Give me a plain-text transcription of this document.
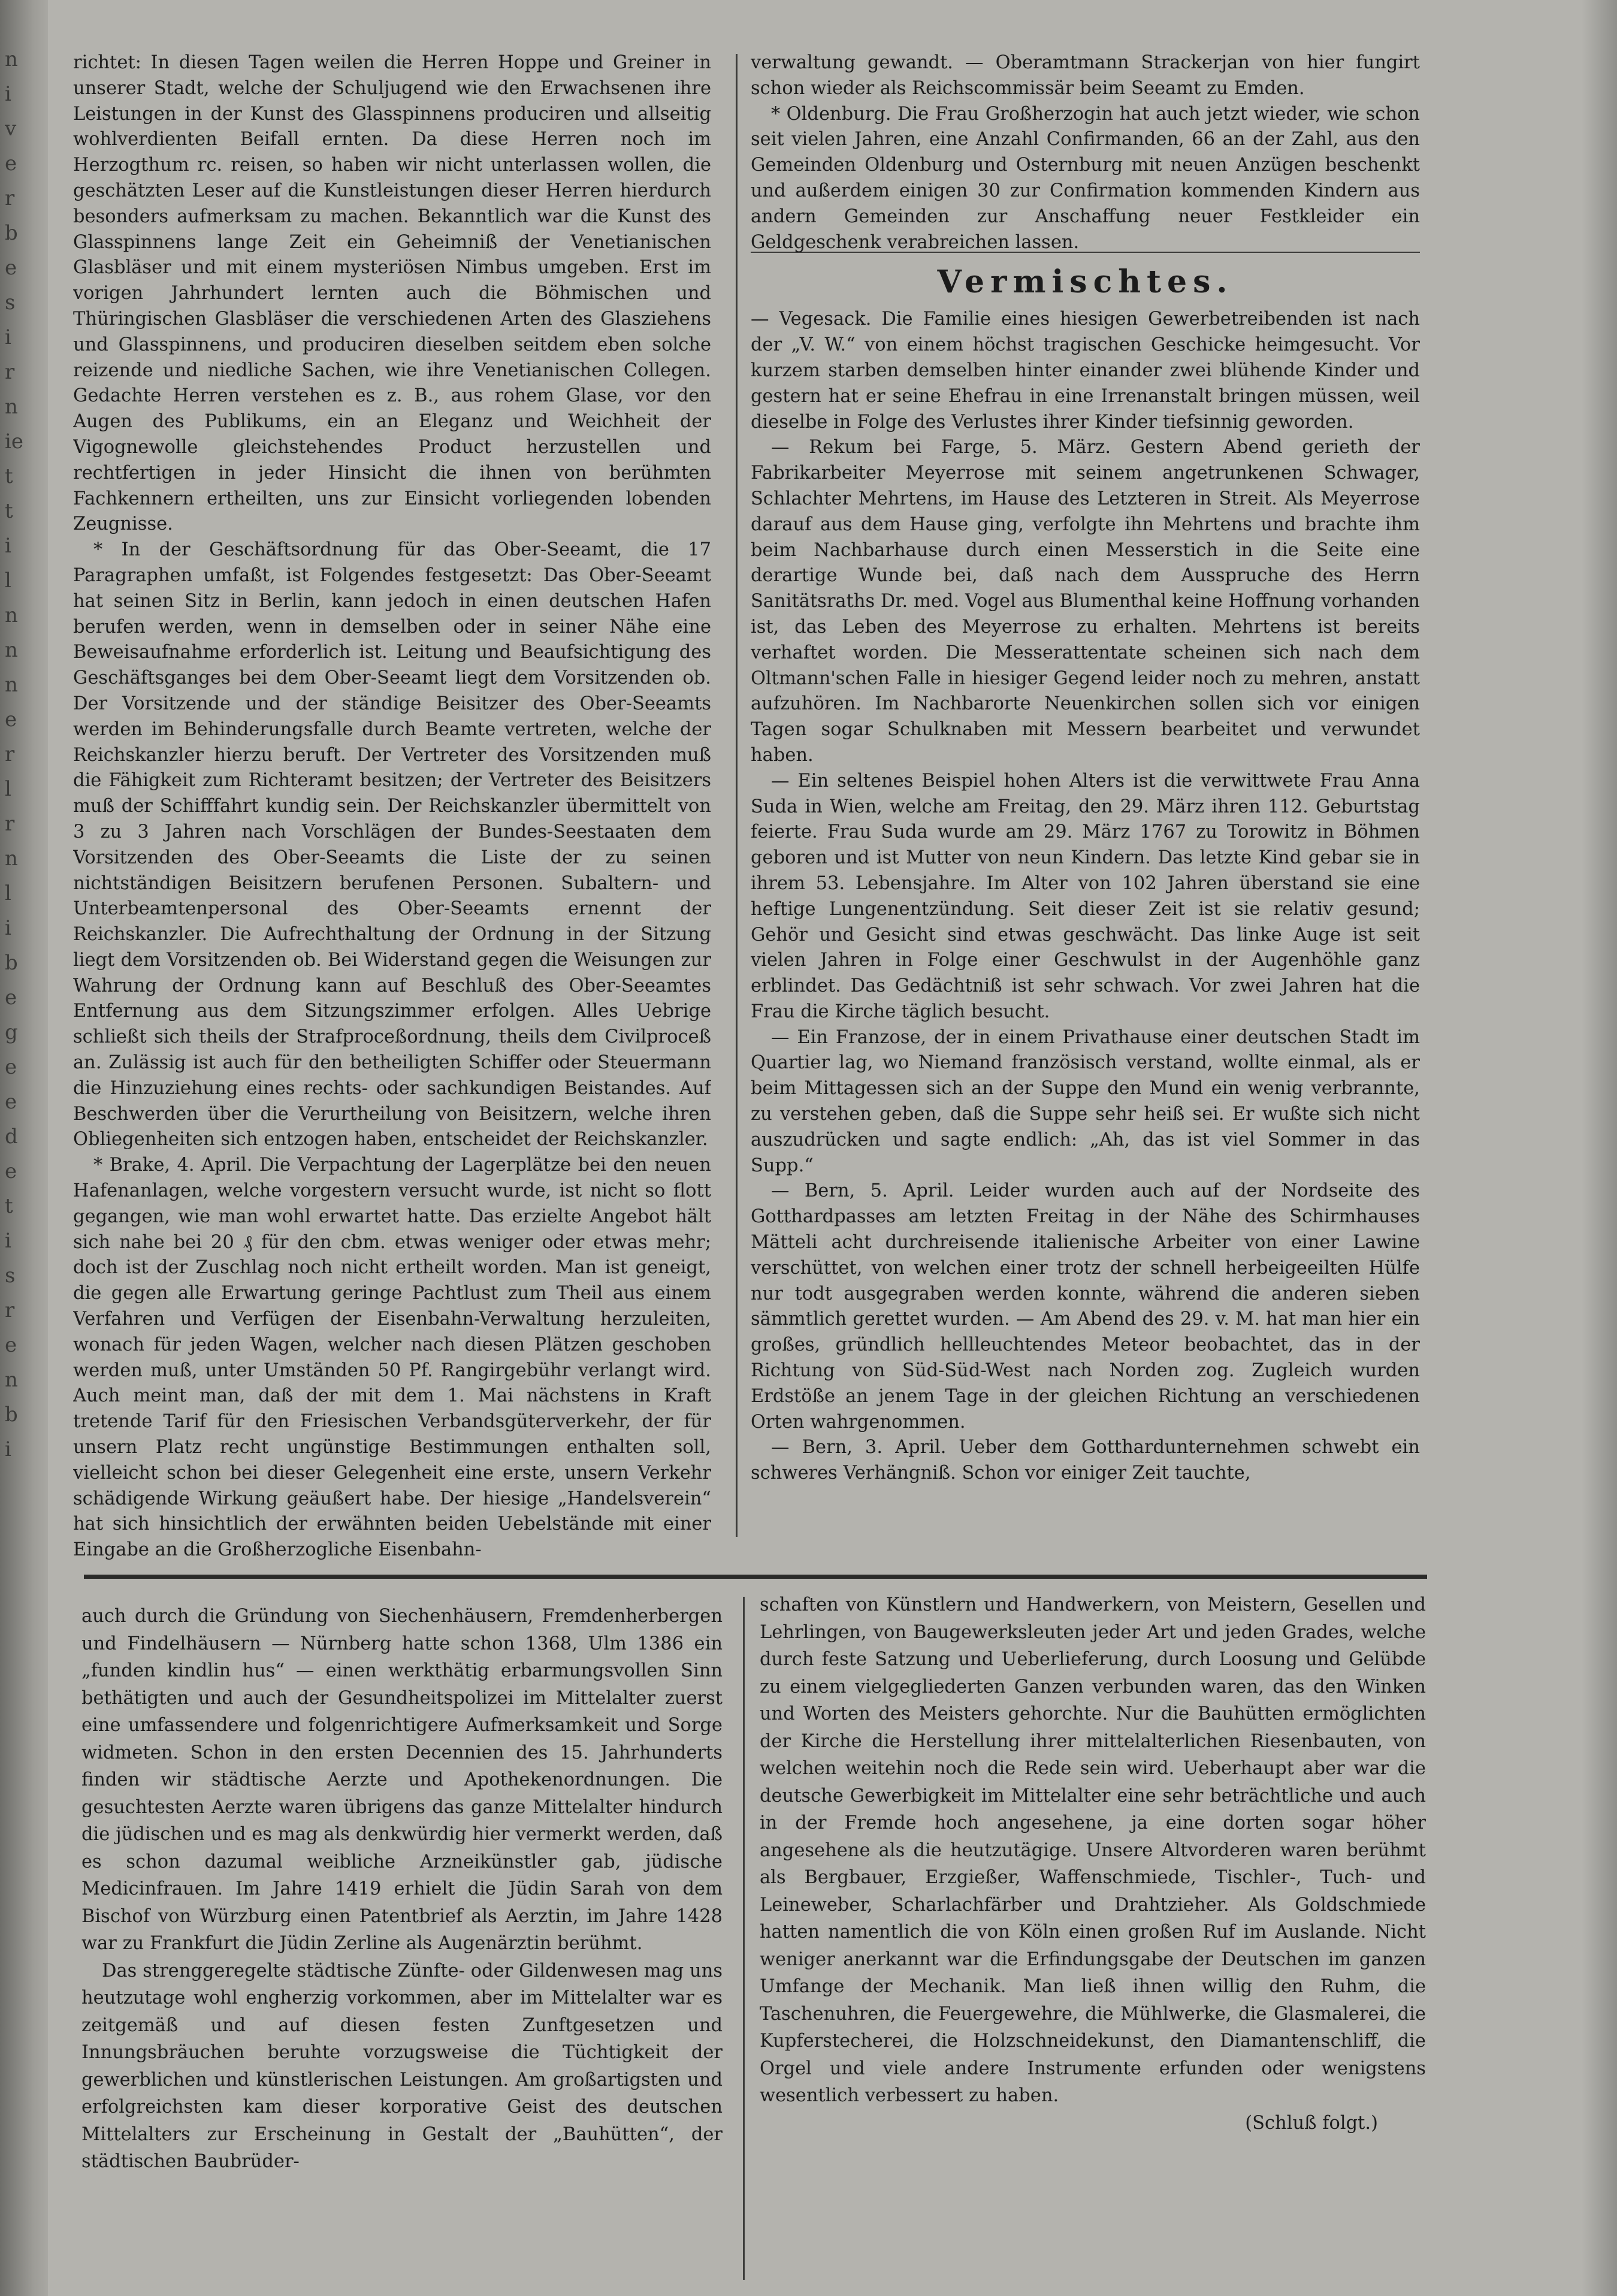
n
i
v
e
r
b
e
s
i
r
n
ie
t
t
i
l
n
n
n
e
r
l
r
n
l
i
b
e
g
e
e
d
e
t
i
s
r
e
n
b
i

richtet: In diesen Tagen weilen die Herren Hoppe und Greiner in unserer Stadt, welche der Schuljugend wie den Erwachsenen ihre Leistungen in der Kunst des Glasspinnens produciren und allseitig wohlverdienten Beifall ernten. Da diese Herren noch im Herzogthum rc. reisen, so haben wir nicht unterlassen wollen, die geschätzten Leser auf die Kunstleistungen dieser Herren hierdurch besonders aufmerksam zu machen. Bekanntlich war die Kunst des Glasspinnens lange Zeit ein Geheimniß der Venetianischen Glasbläser und mit einem mysteriösen Nimbus umgeben. Erst im vorigen Jahrhundert lernten auch die Böhmischen und Thüringischen Glasbläser die verschiedenen Arten des Glasziehens und Glasspinnens, und produciren dieselben seitdem eben solche reizende und niedliche Sachen, wie ihre Venetianischen Collegen. Gedachte Herren verstehen es z. B., aus rohem Glase, vor den Augen des Publikums, ein an Eleganz und Weichheit der Vigognewolle gleichstehendes Product herzustellen und rechtfertigen in jeder Hinsicht die ihnen von berühmten Fachkennern ertheilten, uns zur Einsicht vorliegenden lobenden Zeugnisse.

* In der Geschäftsordnung für das Ober-Seeamt, die 17 Paragraphen umfaßt, ist Folgendes festgesetzt: Das Ober-Seeamt hat seinen Sitz in Berlin, kann jedoch in einen deutschen Hafen berufen werden, wenn in demselben oder in seiner Nähe eine Beweisaufnahme erforderlich ist. Leitung und Beaufsichtigung des Geschäftsganges bei dem Ober-Seeamt liegt dem Vorsitzenden ob. Der Vorsitzende und der ständige Beisitzer des Ober-Seeamts werden im Behinderungsfalle durch Beamte vertreten, welche der Reichskanzler hierzu beruft. Der Vertreter des Vorsitzenden muß die Fähigkeit zum Richteramt besitzen; der Vertreter des Beisitzers muß der Schifffahrt kundig sein. Der Reichskanzler übermittelt von 3 zu 3 Jahren nach Vorschlägen der Bundes-Seestaaten dem Vorsitzenden des Ober-Seeamts die Liste der zu seinen nichtständigen Beisitzern berufenen Personen. Subaltern- und Unterbeamtenpersonal des Ober-Seeamts ernennt der Reichskanzler. Die Aufrechthaltung der Ordnung in der Sitzung liegt dem Vorsitzenden ob. Bei Widerstand gegen die Weisungen zur Wahrung der Ordnung kann auf Beschluß des Ober-Seeamtes Entfernung aus dem Sitzungszimmer erfolgen. Alles Uebrige schließt sich theils der Strafproceßordnung, theils dem Civilproceß an. Zulässig ist auch für den betheiligten Schiffer oder Steuermann die Hinzuziehung eines rechts- oder sachkundigen Beistandes. Auf Beschwerden über die Verurtheilung von Beisitzern, welche ihren Obliegenheiten sich entzogen haben, entscheidet der Reichskanzler.

* Brake, 4. April. Die Verpachtung der Lagerplätze bei den neuen Hafenanlagen, welche vorgestern versucht wurde, ist nicht so flott gegangen, wie man wohl erwartet hatte. Das erzielte Angebot hält sich nahe bei 20 ₰ für den cbm. etwas weniger oder etwas mehr; doch ist der Zuschlag noch nicht ertheilt worden. Man ist geneigt, die gegen alle Erwartung geringe Pachtlust zum Theil aus einem Verfahren und Verfügen der Eisenbahn-Verwaltung herzuleiten, wonach für jeden Wagen, welcher nach diesen Plätzen geschoben werden muß, unter Umständen 50 Pf. Rangirgebühr verlangt wird. Auch meint man, daß der mit dem 1. Mai nächstens in Kraft tretende Tarif für den Friesischen Verbandsgüterverkehr, der für unsern Platz recht ungünstige Bestimmungen enthalten soll, vielleicht schon bei dieser Gelegenheit eine erste, unsern Verkehr schädigende Wirkung geäußert habe. Der hiesige „Handelsverein“ hat sich hinsichtlich der erwähnten beiden Uebelstände mit einer Eingabe an die Großherzogliche Eisenbahn-

verwaltung gewandt. — Oberamtmann Strackerjan von hier fungirt schon wieder als Reichscommissär beim Seeamt zu Emden.

* Oldenburg. Die Frau Großherzogin hat auch jetzt wieder, wie schon seit vielen Jahren, eine Anzahl Confirmanden, 66 an der Zahl, aus den Gemeinden Oldenburg und Osternburg mit neuen Anzügen beschenkt und außerdem einigen 30 zur Confirmation kommenden Kindern aus andern Gemeinden zur Anschaffung neuer Festkleider ein Geldgeschenk verabreichen lassen.

Vermischtes.

— Vegesack. Die Familie eines hiesigen Gewerbetreibenden ist nach der „V. W.“ von einem höchst tragischen Geschicke heimgesucht. Vor kurzem starben demselben hinter einander zwei blühende Kinder und gestern hat er seine Ehefrau in eine Irrenanstalt bringen müssen, weil dieselbe in Folge des Verlustes ihrer Kinder tiefsinnig geworden.

— Rekum bei Farge, 5. März. Gestern Abend gerieth der Fabrikarbeiter Meyerrose mit seinem angetrunkenen Schwager, Schlachter Mehrtens, im Hause des Letzteren in Streit. Als Meyerrose darauf aus dem Hause ging, verfolgte ihn Mehrtens und brachte ihm beim Nachbarhause durch einen Messerstich in die Seite eine derartige Wunde bei, daß nach dem Ausspruche des Herrn Sanitätsraths Dr. med. Vogel aus Blumenthal keine Hoffnung vorhanden ist, das Leben des Meyerrose zu erhalten. Mehrtens ist bereits verhaftet worden. Die Messerattentate scheinen sich nach dem Oltmann'schen Falle in hiesiger Gegend leider noch zu mehren, anstatt aufzuhören. Im Nachbarorte Neuenkirchen sollen sich vor einigen Tagen sogar Schulknaben mit Messern bearbeitet und verwundet haben.

— Ein seltenes Beispiel hohen Alters ist die verwittwete Frau Anna Suda in Wien, welche am Freitag, den 29. März ihren 112. Geburtstag feierte. Frau Suda wurde am 29. März 1767 zu Torowitz in Böhmen geboren und ist Mutter von neun Kindern. Das letzte Kind gebar sie in ihrem 53. Lebensjahre. Im Alter von 102 Jahren überstand sie eine heftige Lungenentzündung. Seit dieser Zeit ist sie relativ gesund; Gehör und Gesicht sind etwas geschwächt. Das linke Auge ist seit vielen Jahren in Folge einer Geschwulst in der Augenhöhle ganz erblindet. Das Gedächtniß ist sehr schwach. Vor zwei Jahren hat die Frau die Kirche täglich besucht.

— Ein Franzose, der in einem Privathause einer deutschen Stadt im Quartier lag, wo Niemand französisch verstand, wollte einmal, als er beim Mittagessen sich an der Suppe den Mund ein wenig verbrannte, zu verstehen geben, daß die Suppe sehr heiß sei. Er wußte sich nicht auszudrücken und sagte endlich: „Ah, das ist viel Sommer in das Supp.“

— Bern, 5. April. Leider wurden auch auf der Nordseite des Gotthardpasses am letzten Freitag in der Nähe des Schirmhauses Mätteli acht durchreisende italienische Arbeiter von einer Lawine verschüttet, von welchen einer trotz der schnell herbeigeeilten Hülfe nur todt ausgegraben werden konnte, während die anderen sieben sämmtlich gerettet wurden. — Am Abend des 29. v. M. hat man hier ein großes, gründlich hellleuchtendes Meteor beobachtet, das in der Richtung von Süd-Süd-West nach Norden zog. Zugleich wurden Erdstöße an jenem Tage in der gleichen Richtung an verschiedenen Orten wahrgenommen.

— Bern, 3. April. Ueber dem Gotthardunternehmen schwebt ein schweres Verhängniß. Schon vor einiger Zeit tauchte,

auch durch die Gründung von Siechenhäusern, Fremdenherbergen und Findelhäusern — Nürnberg hatte schon 1368, Ulm 1386 ein „funden kindlin hus“ — einen werkthätig erbarmungsvollen Sinn bethätigten und auch der Gesundheitspolizei im Mittelalter zuerst eine umfassendere und folgenrichtigere Aufmerksamkeit und Sorge widmeten. Schon in den ersten Decennien des 15. Jahrhunderts finden wir städtische Aerzte und Apothekenordnungen. Die gesuchtesten Aerzte waren übrigens das ganze Mittelalter hindurch die jüdischen und es mag als denkwürdig hier vermerkt werden, daß es schon dazumal weibliche Arzneikünstler gab, jüdische Medicinfrauen. Im Jahre 1419 erhielt die Jüdin Sarah von dem Bischof von Würzburg einen Patentbrief als Aerztin, im Jahre 1428 war zu Frankfurt die Jüdin Zerline als Augenärztin berühmt.

Das strenggeregelte städtische Zünfte- oder Gildenwesen mag uns heutzutage wohl engherzig vorkommen, aber im Mittelalter war es zeitgemäß und auf diesen festen Zunftgesetzen und Innungsbräuchen beruhte vorzugsweise die Tüchtigkeit der gewerblichen und künstlerischen Leistungen. Am großartigsten und erfolgreichsten kam dieser korporative Geist des deutschen Mittelalters zur Erscheinung in Gestalt der „Bauhütten“, der städtischen Baubrüder-

schaften von Künstlern und Handwerkern, von Meistern, Gesellen und Lehrlingen, von Baugewerksleuten jeder Art und jeden Grades, welche durch feste Satzung und Ueberlieferung, durch Loosung und Gelübde zu einem vielgegliederten Ganzen verbunden waren, das den Winken und Worten des Meisters gehorchte. Nur die Bauhütten ermöglichten der Kirche die Herstellung ihrer mittelalterlichen Riesenbauten, von welchen weitehin noch die Rede sein wird. Ueberhaupt aber war die deutsche Gewerbigkeit im Mittelalter eine sehr beträchtliche und auch in der Fremde hoch angesehene, ja eine dorten sogar höher angesehene als die heutzutägige. Unsere Altvorderen waren berühmt als Bergbauer, Erzgießer, Waffenschmiede, Tischler-, Tuch- und Leineweber, Scharlachfärber und Drahtzieher. Als Goldschmiede hatten namentlich die von Köln einen großen Ruf im Auslande. Nicht weniger anerkannt war die Erfindungsgabe der Deutschen im ganzen Umfange der Mechanik. Man ließ ihnen willig den Ruhm, die Taschenuhren, die Feuergewehre, die Mühlwerke, die Glasmalerei, die Kupferstecherei, die Holzschneidekunst, den Diamantenschliff, die Orgel und viele andere Instrumente erfunden oder wenigstens wesentlich verbessert zu haben.

(Schluß folgt.)
